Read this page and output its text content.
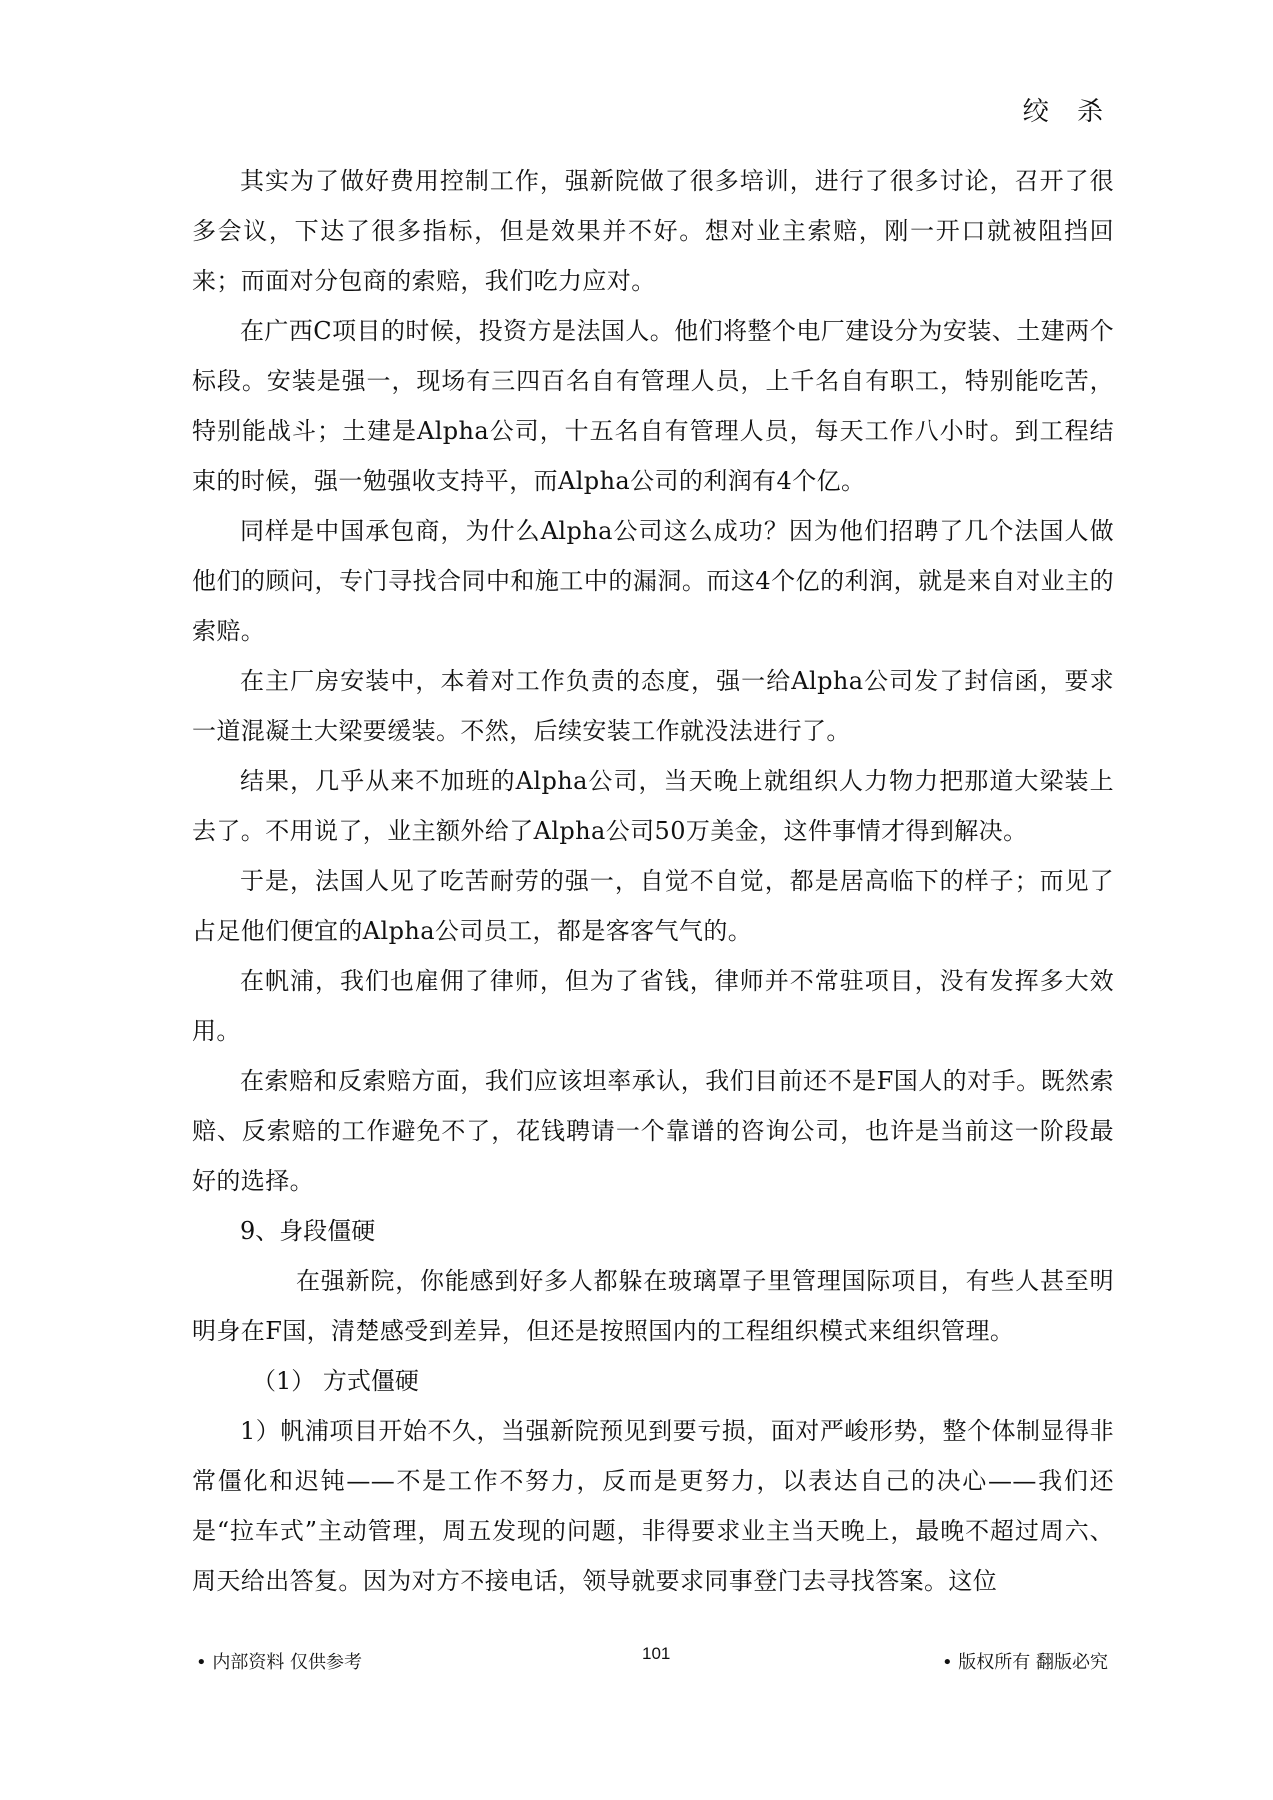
绞 杀

其实为了做好费用控制工作，强新院做了很多培训，进行了很多讨论，召开了很多会议，下达了很多指标，但是效果并不好。想对业主索赔，刚一开口就被阻挡回来；而面对分包商的索赔，我们吃力应对。

在广西C项目的时候，投资方是法国人。他们将整个电厂建设分为安装、土建两个标段。安装是强一，现场有三四百名自有管理人员，上千名自有职工，特别能吃苦，特别能战斗；土建是Alpha公司，十五名自有管理人员，每天工作八小时。到工程结束的时候，强一勉强收支持平，而Alpha公司的利润有4个亿。

同样是中国承包商，为什么Alpha公司这么成功？因为他们招聘了几个法国人做他们的顾问，专门寻找合同中和施工中的漏洞。而这4个亿的利润，就是来自对业主的索赔。

在主厂房安装中，本着对工作负责的态度，强一给Alpha公司发了封信函，要求一道混凝土大梁要缓装。不然，后续安装工作就没法进行了。

结果，几乎从来不加班的Alpha公司，当天晚上就组织人力物力把那道大梁装上去了。不用说了，业主额外给了Alpha公司50万美金，这件事情才得到解决。

于是，法国人见了吃苦耐劳的强一，自觉不自觉，都是居高临下的样子；而见了占足他们便宜的Alpha公司员工，都是客客气气的。

在帆浦，我们也雇佣了律师，但为了省钱，律师并不常驻项目，没有发挥多大效用。

在索赔和反索赔方面，我们应该坦率承认，我们目前还不是F国人的对手。既然索赔、反索赔的工作避免不了，花钱聘请一个靠谱的咨询公司，也许是当前这一阶段最好的选择。

9、身段僵硬

在强新院，你能感到好多人都躲在玻璃罩子里管理国际项目，有些人甚至明明身在F国，清楚感受到差异，但还是按照国内的工程组织模式来组织管理。

（1） 方式僵硬

1）帆浦项目开始不久，当强新院预见到要亏损，面对严峻形势，整个体制显得非常僵化和迟钝——不是工作不努力，反而是更努力，以表达自己的决心——我们还是“拉车式”主动管理，周五发现的问题，非得要求业主当天晚上，最晚不超过周六、周天给出答复。因为对方不接电话，领导就要求同事登门去寻找答案。这位

• 内部资料 仅供参考	101	• 版权所有 翻版必究
